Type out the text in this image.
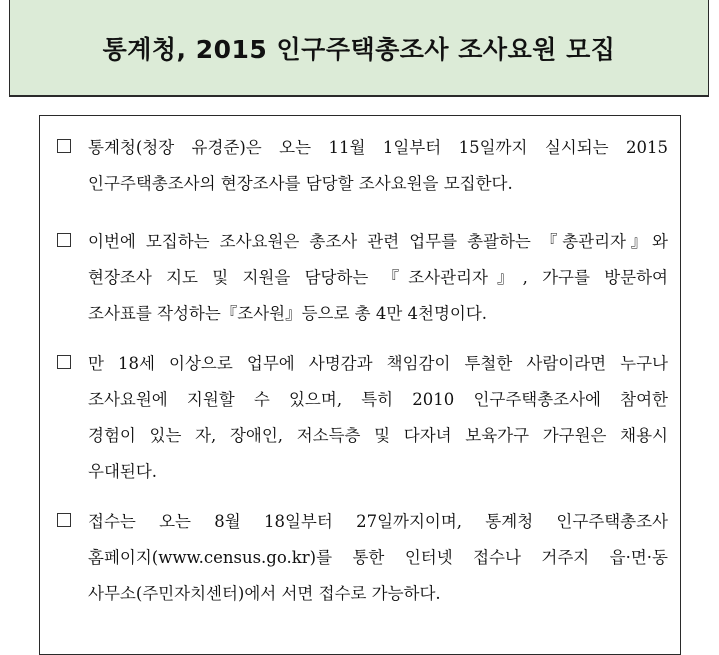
통계청, 2015 인구주택총조사 조사요원 모집
통계청(청장 유경준)은 오는 11월 1일부터 15일까지 실시되는 2015
인구주택총조사의 현장조사를 담당할 조사요원을 모집한다.
이번에 모집하는 조사요원은 총조사 관련 업무를 총괄하는 『총관리자』와
현장조사 지도 및 지원을 담당하는 『조사관리자』, 가구를 방문하여
조사표를 작성하는『조사원』등으로 총 4만 4천명이다.
만 18세 이상으로 업무에 사명감과 책임감이 투철한 사람이라면 누구나
조사요원에 지원할 수 있으며, 특히 2010 인구주택총조사에 참여한
경험이 있는 자, 장애인, 저소득층 및 다자녀 보육가구 가구원은 채용시
우대된다.
접수는 오는 8월 18일부터 27일까지이며, 통계청 인구주택총조사
홈페이지(www.census.go.kr)를 통한 인터넷 접수나 거주지 읍·면·동
사무소(주민자치센터)에서 서면 접수로 가능하다.
